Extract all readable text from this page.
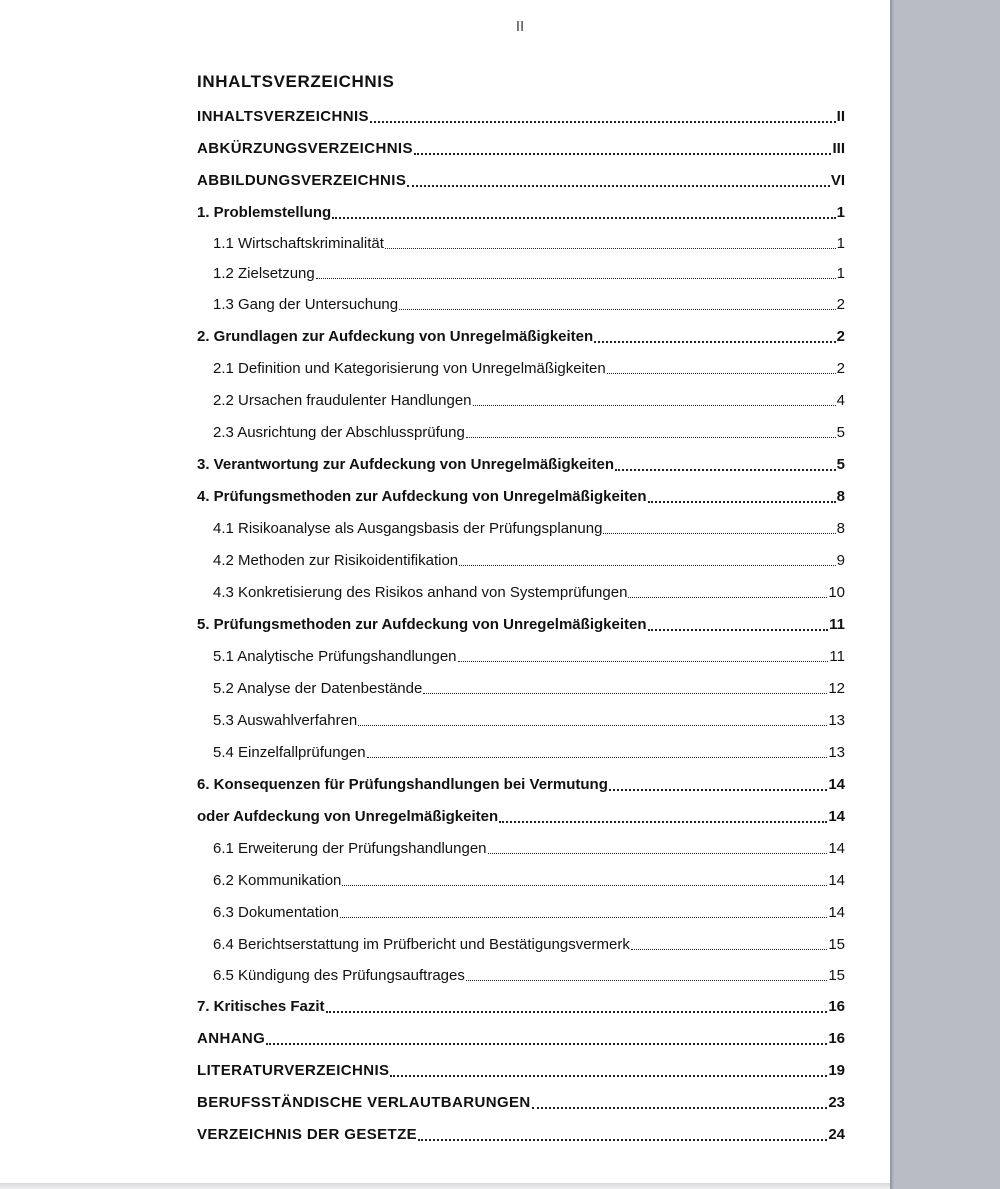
II
INHALTSVERZEICHNIS
INHALTSVERZEICHNIS	II
ABKÜRZUNGSVERZEICHNIS	III
ABBILDUNGSVERZEICHNIS	VI
1. Problemstellung	1
1.1 Wirtschaftskriminalität	1
1.2 Zielsetzung	1
1.3 Gang der Untersuchung	2
2. Grundlagen zur Aufdeckung von Unregelmäßigkeiten	2
2.1 Definition und Kategorisierung von Unregelmäßigkeiten	2
2.2 Ursachen fraudulenter Handlungen	4
2.3 Ausrichtung der Abschlussprüfung	5
3. Verantwortung zur Aufdeckung von Unregelmäßigkeiten	5
4. Prüfungsmethoden zur Aufdeckung von Unregelmäßigkeiten	8
4.1 Risikoanalyse als Ausgangsbasis der Prüfungsplanung	8
4.2 Methoden zur Risikoidentifikation	9
4.3 Konkretisierung des Risikos anhand von Systemprüfungen	10
5. Prüfungsmethoden zur Aufdeckung von Unregelmäßigkeiten	11
5.1 Analytische Prüfungshandlungen	11
5.2 Analyse der Datenbestände	12
5.3 Auswahlverfahren	13
5.4 Einzelfallprüfungen	13
6. Konsequenzen für Prüfungshandlungen bei Vermutung	14
oder Aufdeckung von Unregelmäßigkeiten	14
6.1 Erweiterung der Prüfungshandlungen	14
6.2 Kommunikation	14
6.3 Dokumentation	14
6.4 Berichtserstattung im Prüfbericht und Bestätigungsvermerk	15
6.5 Kündigung des Prüfungsauftrages	15
7. Kritisches Fazit	16
ANHANG	16
LITERATURVERZEICHNIS	19
BERUFSSTÄNDISCHE VERLAUTBARUNGEN	23
VERZEICHNIS DER GESETZE	24
